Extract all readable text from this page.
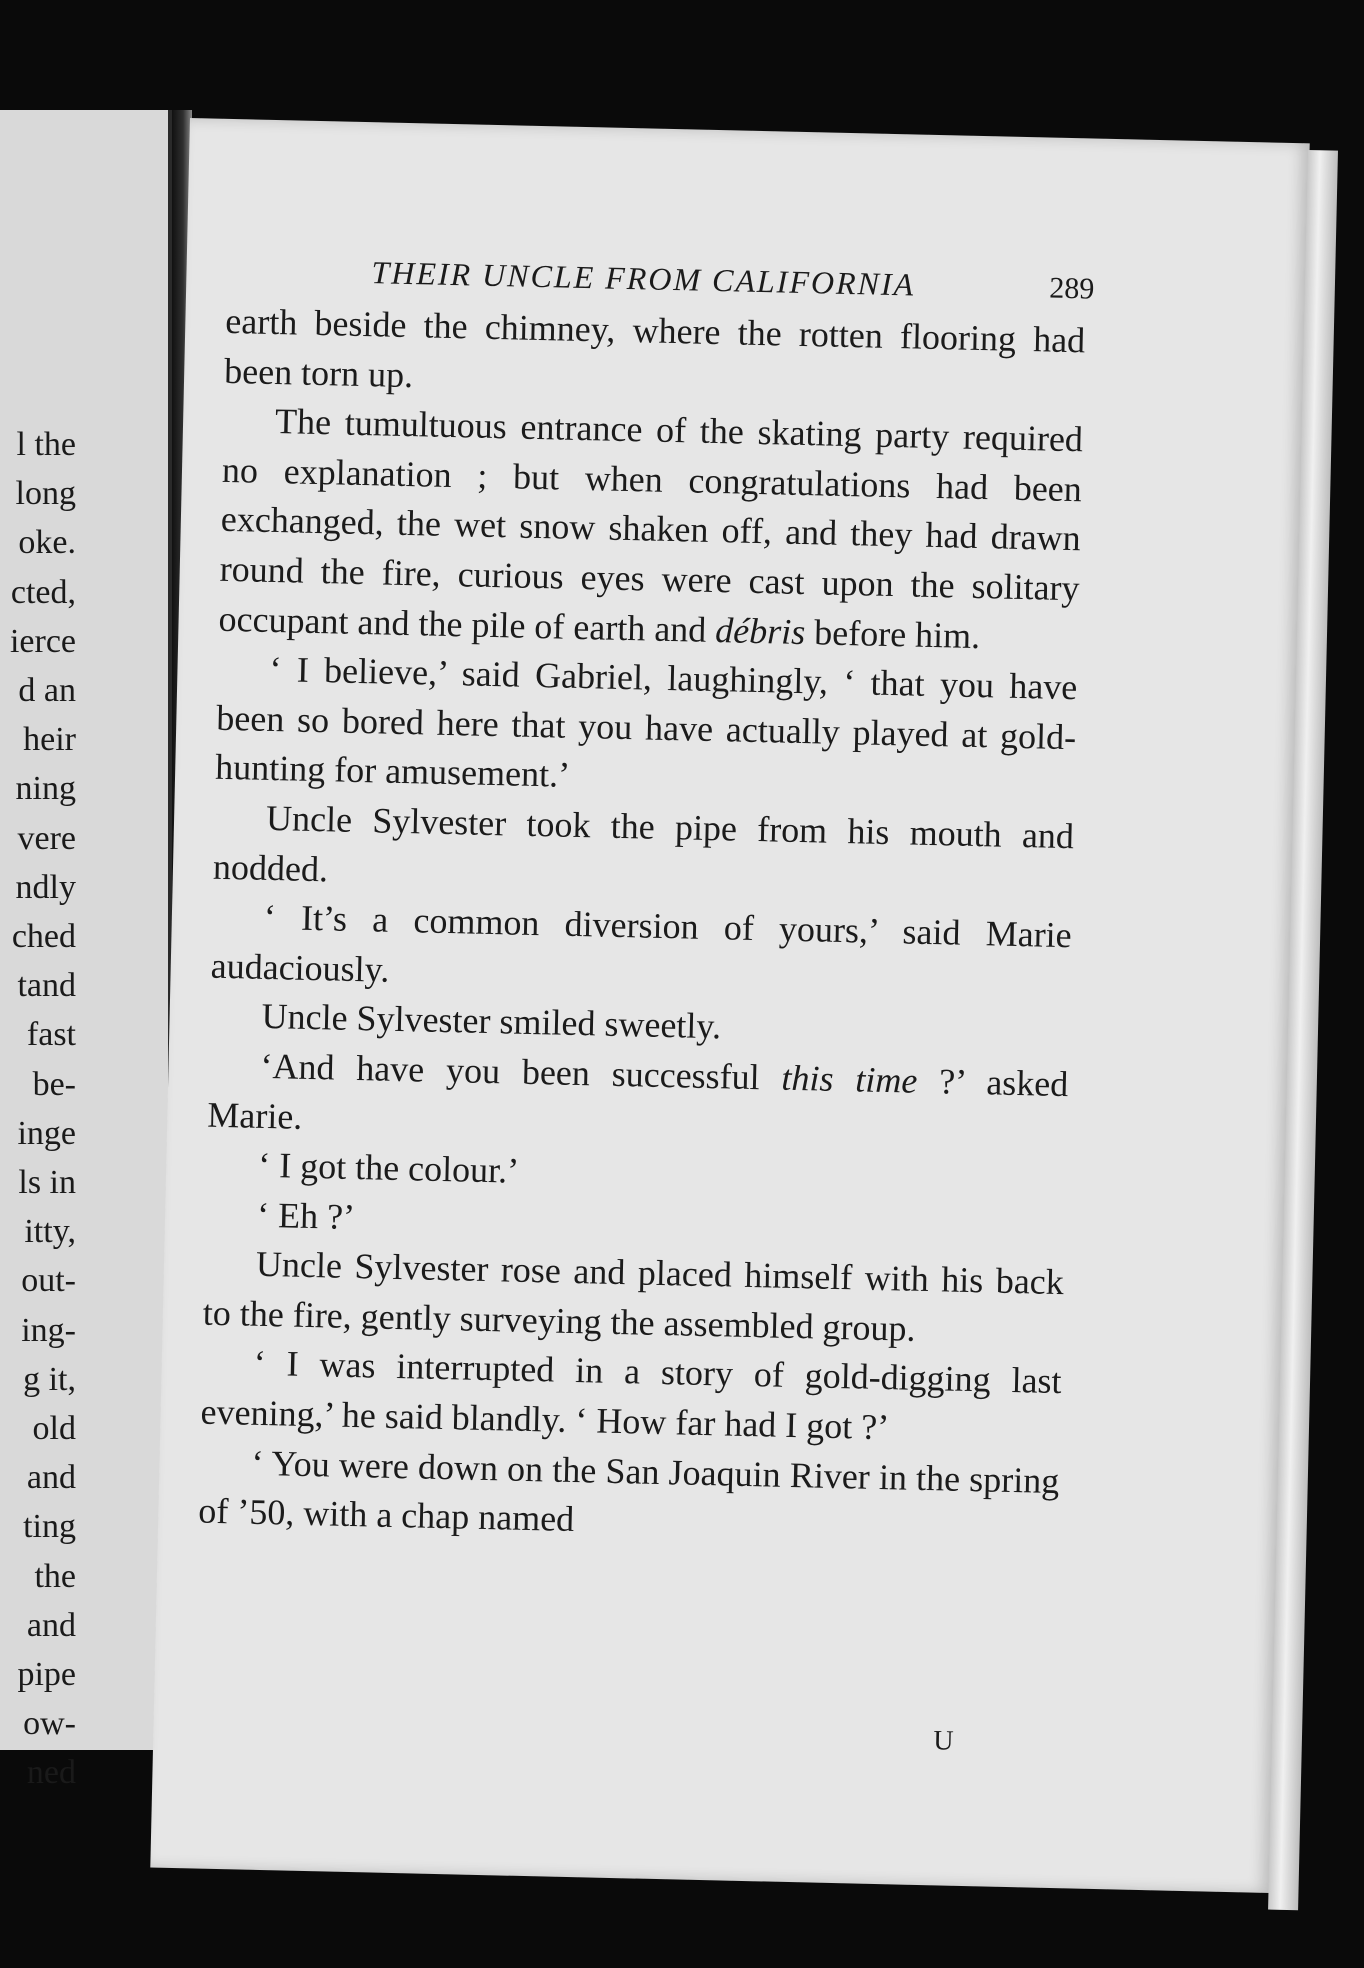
l the
long
oke.
cted,
ierce
d an
heir
ning
vere
ndly
ched
tand
fast
be-
inge
ls in
itty,
out-
ing-
g it,
old
and
ting
the
and
pipe
ow-
ned
THEIR UNCLE FROM CALIFORNIA	289

earth beside the chimney, where the rotten flooring had been torn up.

The tumultuous entrance of the skating party required no explanation ; but when congratulations had been exchanged, the wet snow shaken off, and they had drawn round the fire, curious eyes were cast upon the solitary occupant and the pile of earth and débris before him.

‘ I believe,’ said Gabriel, laughingly, ‘ that you have been so bored here that you have actually played at gold-hunting for amusement.’

Uncle Sylvester took the pipe from his mouth and nodded.

‘ It’s a common diversion of yours,’ said Marie audaciously.

Uncle Sylvester smiled sweetly.

‘And have you been successful this time ?’ asked Marie.

‘ I got the colour.’

‘ Eh ?’

Uncle Sylvester rose and placed himself with his back to the fire, gently surveying the assembled group.

‘ I was interrupted in a story of gold-digging last evening,’ he said blandly. ‘ How far had I got ?’

‘ You were down on the San Joaquin River in the spring of ’50, with a chap named

U
